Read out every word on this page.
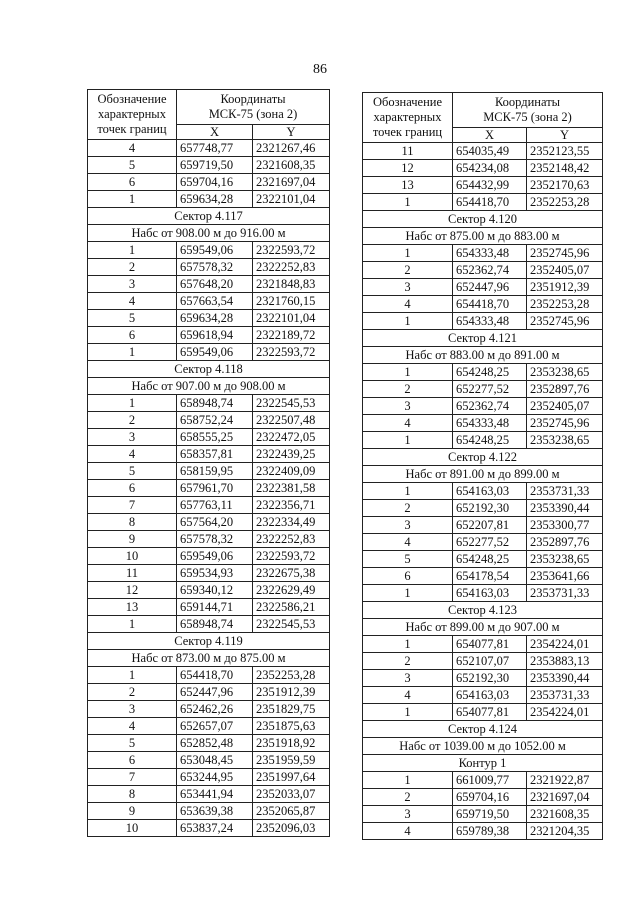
86
Обозначение
характерных
точек границ	Координаты
МСК-75 (зона 2)	
	X	Y
4	657748,77	2321267,46
5	659719,50	2321608,35
6	659704,16	2321697,04
1	659634,28	2322101,04
Сектор 4.117		
Набс от 908.00 м до 916.00 м		
1	659549,06	2322593,72
2	657578,32	2322252,83
3	657648,20	2321848,83
4	657663,54	2321760,15
5	659634,28	2322101,04
6	659618,94	2322189,72
1	659549,06	2322593,72
Сектор 4.118		
Набс от 907.00 м до 908.00 м		
1	658948,74	2322545,53
2	658752,24	2322507,48
3	658555,25	2322472,05
4	658357,81	2322439,25
5	658159,95	2322409,09
6	657961,70	2322381,58
7	657763,11	2322356,71
8	657564,20	2322334,49
9	657578,32	2322252,83
10	659549,06	2322593,72
11	659534,93	2322675,38
12	659340,12	2322629,49
13	659144,71	2322586,21
1	658948,74	2322545,53
Сектор 4.119		
Набс от 873.00 м до 875.00 м		
1	654418,70	2352253,28
2	652447,96	2351912,39
3	652462,26	2351829,75
4	652657,07	2351875,63
5	652852,48	2351918,92
6	653048,45	2351959,59
7	653244,95	2351997,64
8	653441,94	2352033,07
9	653639,38	2352065,87
10	653837,24	2352096,03
Обозначение
характерных
точек границ	Координаты
МСК-75 (зона 2)	
	X	Y
11	654035,49	2352123,55
12	654234,08	2352148,42
13	654432,99	2352170,63
1	654418,70	2352253,28
Сектор 4.120		
Набс от 875.00 м до 883.00 м		
1	654333,48	2352745,96
2	652362,74	2352405,07
3	652447,96	2351912,39
4	654418,70	2352253,28
1	654333,48	2352745,96
Сектор 4.121		
Набс от 883.00 м до 891.00 м		
1	654248,25	2353238,65
2	652277,52	2352897,76
3	652362,74	2352405,07
4	654333,48	2352745,96
1	654248,25	2353238,65
Сектор 4.122		
Набс от 891.00 м до 899.00 м		
1	654163,03	2353731,33
2	652192,30	2353390,44
3	652207,81	2353300,77
4	652277,52	2352897,76
5	654248,25	2353238,65
6	654178,54	2353641,66
1	654163,03	2353731,33
Сектор 4.123		
Набс от 899.00 м до 907.00 м		
1	654077,81	2354224,01
2	652107,07	2353883,13
3	652192,30	2353390,44
4	654163,03	2353731,33
1	654077,81	2354224,01
Сектор 4.124		
Набс от 1039.00 м до 1052.00 м		
Контур 1		
1	661009,77	2321922,87
2	659704,16	2321697,04
3	659719,50	2321608,35
4	659789,38	2321204,35
